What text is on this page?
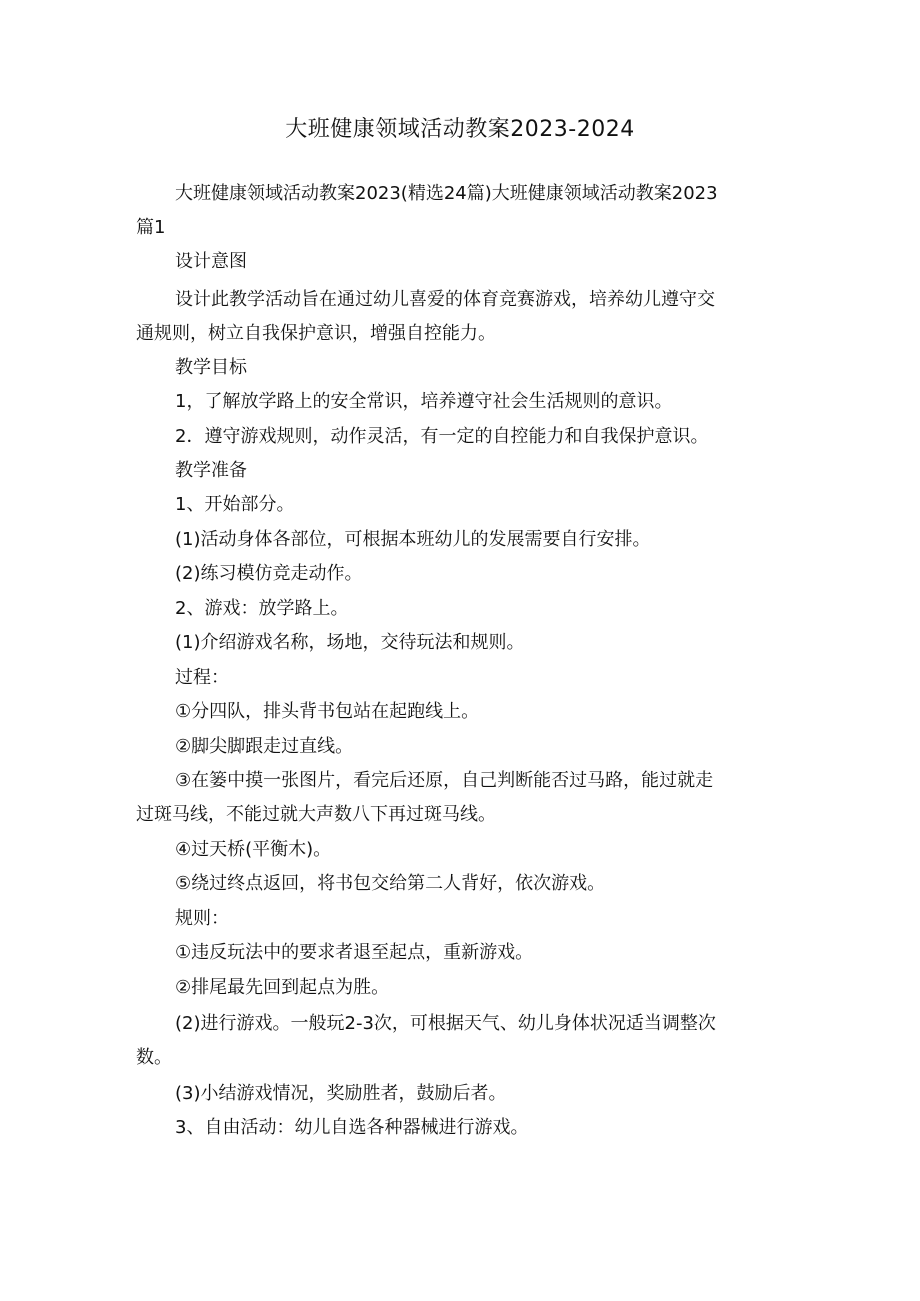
大班健康领域活动教案2023-2024
大班健康领域活动教案2023(精选24篇)大班健康领域活动教案2023
篇1
设计意图
设计此教学活动旨在通过幼儿喜爱的体育竞赛游戏，培养幼儿遵守交
通规则，树立自我保护意识，增强自控能力。
教学目标
1，了解放学路上的安全常识，培养遵守社会生活规则的意识。
2．遵守游戏规则，动作灵活，有一定的自控能力和自我保护意识。
教学准备
1、开始部分。
(1)活动身体各部位，可根据本班幼儿的发展需要自行安排。
(2)练习模仿竞走动作。
2、游戏：放学路上。
(1)介绍游戏名称，场地，交待玩法和规则。
过程：
①分四队，排头背书包站在起跑线上。
②脚尖脚跟走过直线。
③在篓中摸一张图片，看完后还原，自己判断能否过马路，能过就走
过斑马线，不能过就大声数八下再过斑马线。
④过天桥(平衡木)。
⑤绕过终点返回，将书包交给第二人背好，依次游戏。
规则：
①违反玩法中的要求者退至起点，重新游戏。
②排尾最先回到起点为胜。
(2)进行游戏。一般玩2-3次，可根据天气、幼儿身体状况适当调整次
数。
(3)小结游戏情况，奖励胜者，鼓励后者。
3、自由活动：幼儿自选各种器械进行游戏。
